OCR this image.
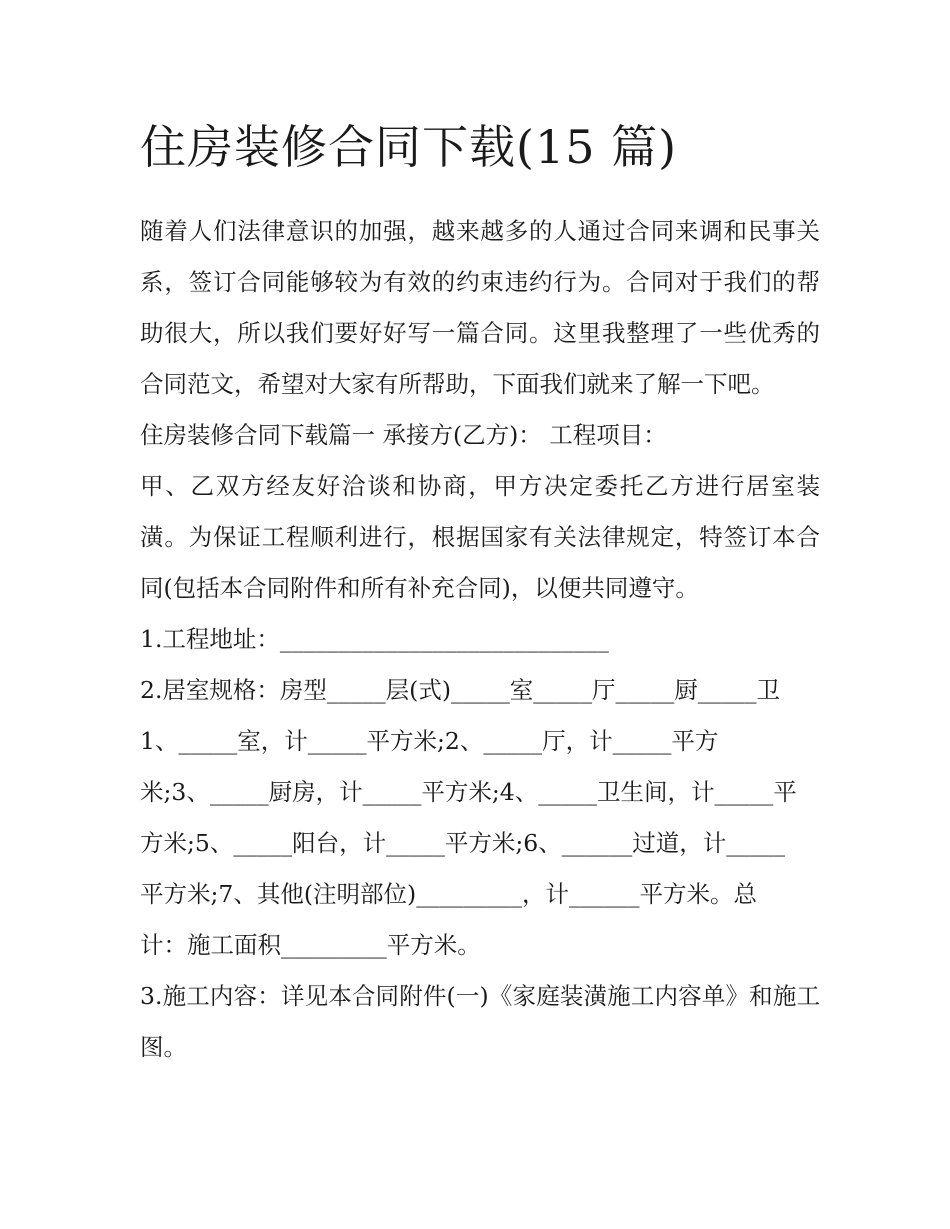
住房装修合同下载(15 篇)

随着人们法律意识的加强，越来越多的人通过合同来调和民事关系，签订合同能够较为有效的约束违约行为。合同对于我们的帮助很大，所以我们要好好写一篇合同。这里我整理了一些优秀的合同范文，希望对大家有所帮助，下面我们就来了解一下吧。

住房装修合同下载篇一 承接方(乙方)： 工程项目：

甲、乙双方经友好洽谈和协商，甲方决定委托乙方进行居室装潢。为保证工程顺利进行，根据国家有关法律规定，特签订本合同(包括本合同附件和所有补充合同)，以便共同遵守。

1.工程地址：____________________________

2.居室规格：房型_____层(式)_____室_____厅_____厨_____卫

1、_____室，计_____平方米;2、_____厅，计_____平方

米;3、_____厨房，计_____平方米;4、_____卫生间，计_____平

方米;5、_____阳台，计_____平方米;6、______过道，计_____

平方米;7、其他(注明部位)_________，计______平方米。总

计：施工面积_________平方米。

3.施工内容：详见本合同附件(一)《家庭装潢施工内容单》和施工图。
